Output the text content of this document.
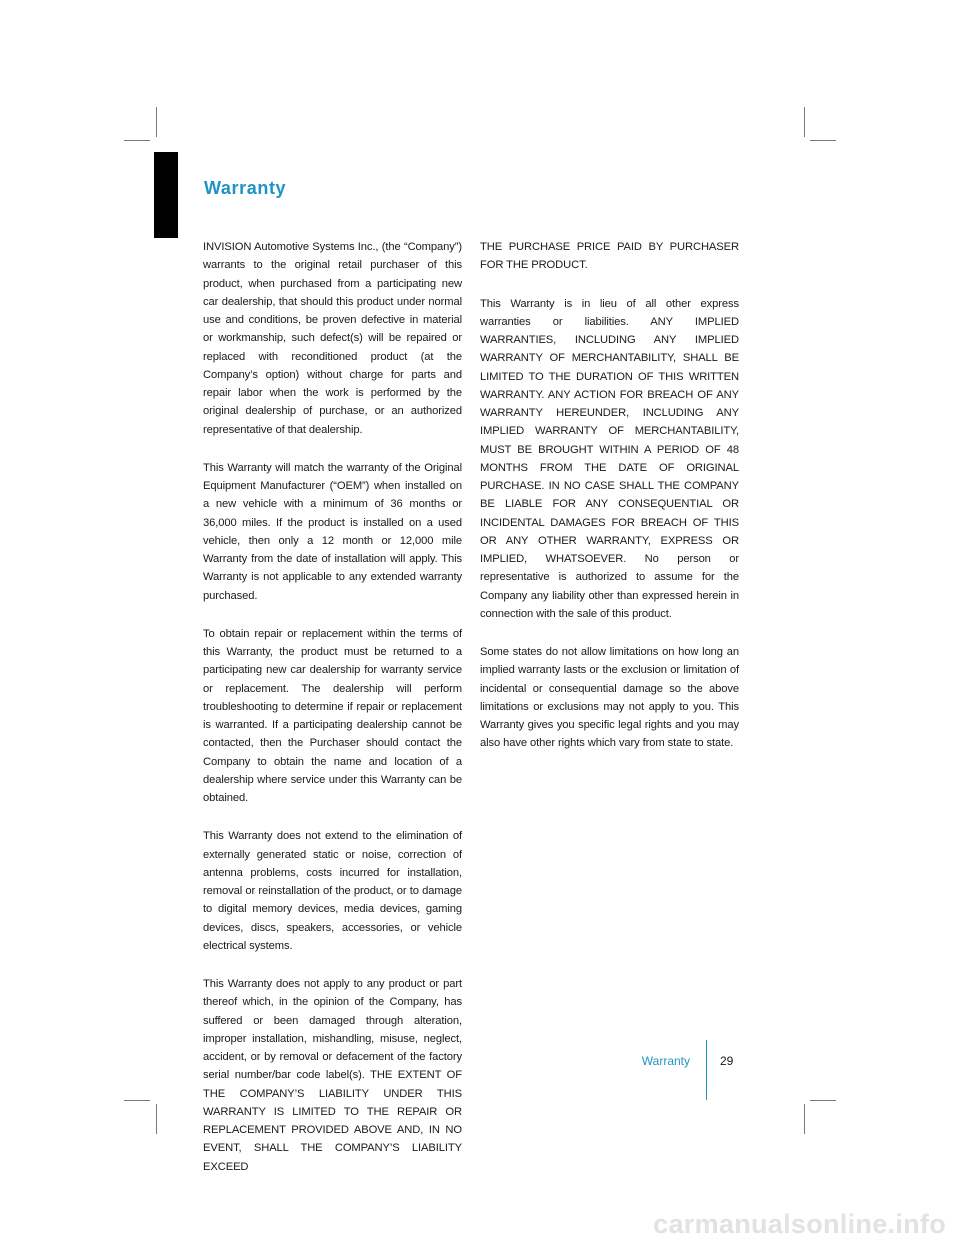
Warranty

INVISION Automotive Systems Inc., (the “Company”) warrants to the original retail purchaser of this product, when purchased from a participating new car dealership, that should this product under normal use and conditions, be proven defective in material or workmanship, such defect(s) will be repaired or replaced with reconditioned product (at the Company’s option) without charge for parts and repair labor when the work is performed by the original dealership of purchase, or an authorized representative of that dealership.

This Warranty will match the warranty of the Original Equipment Manufacturer (“OEM”) when installed on a new vehicle with a minimum of 36 months or 36,000 miles. If the product is installed on a used vehicle, then only a 12 month or 12,000 mile Warranty from the date of installation will apply. This Warranty is not applicable to any extended warranty purchased.

To obtain repair or replacement within the terms of this Warranty, the product must be returned to a participating new car dealership for warranty service or replacement. The dealership will perform troubleshooting to determine if repair or replacement is warranted. If a participating dealership cannot be contacted, then the Purchaser should contact the Company to obtain the name and location of a dealership where service under this Warranty can be obtained.

This Warranty does not extend to the elimination of externally generated static or noise, correction of antenna problems, costs incurred for installation, removal or reinstallation of the product, or to damage to digital memory devices, media devices, gaming devices, discs, speakers, accessories, or vehicle electrical systems.

This Warranty does not apply to any product or part thereof which, in the opinion of the Company, has suffered or been damaged through alteration, improper installation, mishandling, misuse, neglect, accident, or by removal or defacement of the factory serial number/bar code label(s). THE EXTENT OF THE COMPANY’S LIABILITY UNDER THIS WARRANTY IS LIMITED TO THE REPAIR OR REPLACEMENT PROVIDED ABOVE AND, IN NO EVENT, SHALL THE COMPANY’S LIABILITY EXCEED

THE PURCHASE PRICE PAID BY PURCHASER FOR THE PRODUCT.

This Warranty is in lieu of all other express warranties or liabilities. ANY IMPLIED WARRANTIES, INCLUDING ANY IMPLIED WARRANTY OF MERCHANTABILITY, SHALL BE LIMITED TO THE DURATION OF THIS WRITTEN WARRANTY. ANY ACTION FOR BREACH OF ANY WARRANTY HEREUNDER, INCLUDING ANY IMPLIED WARRANTY OF MERCHANTABILITY, MUST BE BROUGHT WITHIN A PERIOD OF 48 MONTHS FROM THE DATE OF ORIGINAL PURCHASE. IN NO CASE SHALL THE COMPANY BE LIABLE FOR ANY CONSEQUENTIAL OR INCIDENTAL DAMAGES FOR BREACH OF THIS OR ANY OTHER WARRANTY, EXPRESS OR IMPLIED, WHATSOEVER. No person or representative is authorized to assume for the Company any liability other than expressed herein in connection with the sale of this product.

Some states do not allow limitations on how long an implied warranty lasts or the exclusion or limitation of incidental or consequential damage so the above limitations or exclusions may not apply to you. This Warranty gives you specific legal rights and you may also have other rights which vary from state to state.

Warranty	29

carmanualsonline.info
